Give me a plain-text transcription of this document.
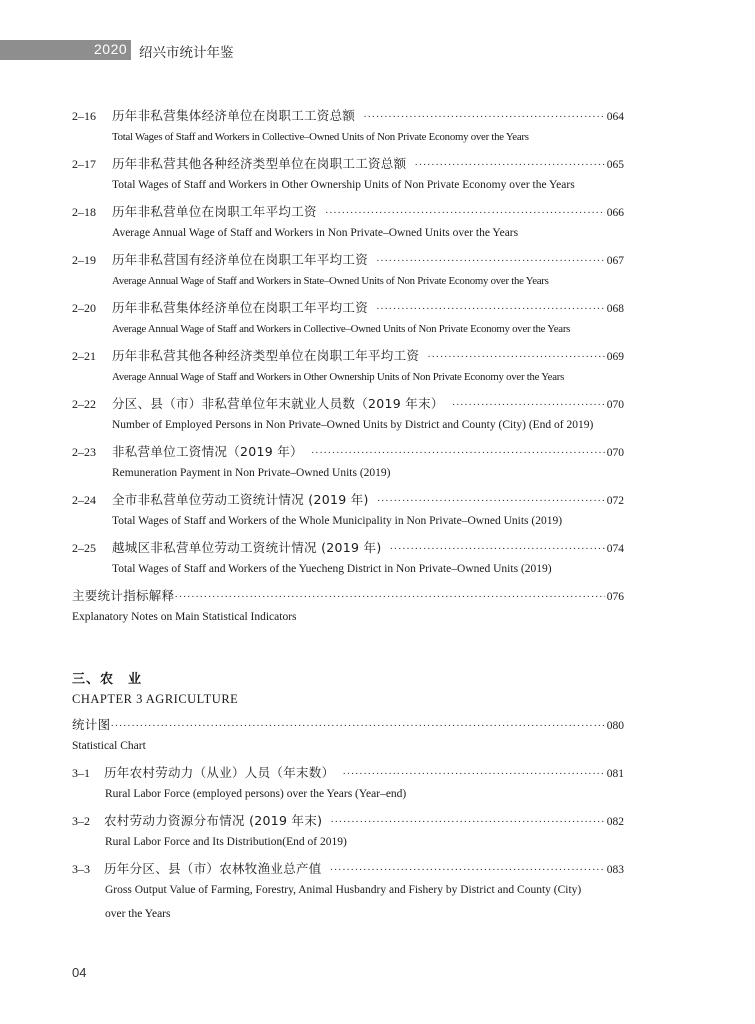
2020 绍兴市统计年鉴
2–16	历年非私营集体经济单位在岗职工工资总额 ·····	064
Total Wages of Staff and Workers in Collective–Owned Units of Non Private Economy over the Years
2–17	历年非私营其他各种经济类型单位在岗职工工资总额 ·····	065
Total Wages of Staff and Workers in Other Ownership Units of Non Private Economy over the Years
2–18	历年非私营单位在岗职工年平均工资 ·····	066
Average Annual Wage of Staff and Workers in Non Private–Owned Units over the Years
2–19	历年非私营国有经济单位在岗职工年平均工资 ·····	067
Average Annual Wage of Staff and Workers in State–Owned Units of Non Private Economy over the Years
2–20	历年非私营集体经济单位在岗职工年平均工资 ·····	068
Average Annual Wage of Staff and Workers in Collective–Owned Units of Non Private Economy over the Years
2–21	历年非私营其他各种经济类型单位在岗职工年平均工资 ·····	069
Average Annual Wage of Staff and Workers in Other Ownership Units of Non Private Economy over the Years
2–22	分区、县（市）非私营单位年末就业人员数（2019 年末） ·····	070
Number of Employed Persons in Non Private–Owned Units by District and County (City) (End of 2019)
2–23	非私营单位工资情况（2019 年） ·····	070
Remuneration Payment in Non Private–Owned Units (2019)
2–24	全市非私营单位劳动工资统计情况 (2019 年) ·····	072
Total Wages of Staff and Workers of the Whole Municipality in Non Private–Owned Units (2019)
2–25	越城区非私营单位劳动工资统计情况 (2019 年) ·····	074
Total Wages of Staff and Workers of the Yuecheng District in Non Private–Owned Units (2019)
主要统计指标解释 ·····	076
Explanatory Notes on Main Statistical Indicators
三、农　业
CHAPTER 3 AGRICULTURE
统计图 ·····	080
Statistical Chart
3–1	历年农村劳动力（从业）人员（年末数） ·····	081
Rural Labor Force (employed persons) over the Years (Year–end)
3–2	农村劳动力资源分布情况 (2019 年末) ·····	082
Rural Labor Force and Its Distribution(End of 2019)
3–3	历年分区、县（市）农林牧渔业总产值 ·····	083
Gross Output Value of Farming, Forestry, Animal Husbandry and Fishery by District and County (City)
over the Years
04
